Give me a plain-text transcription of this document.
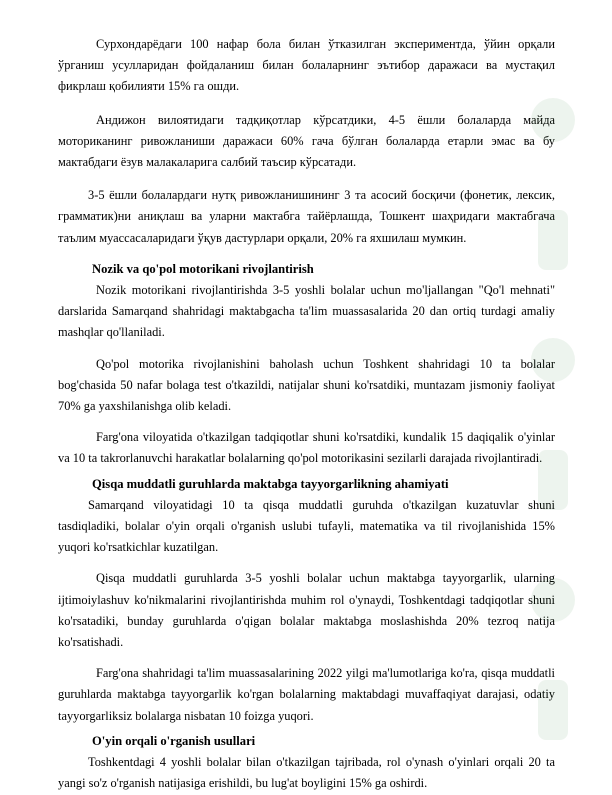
Сурхондарёдаги 100 нафар бола билан ўтказилган экспериментда, ўйин орқали ўрганиш усулларидан фойдаланиш билан болаларнинг эътибор даражаси ва мустақил фикрлаш қобилияти 15% га ошди.

Андижон вилоятидаги тадқиқотлар кўрсатдики, 4-5 ёшли болаларда майда моториканинг ривожланиши даражаси 60% гача бўлган болаларда етарли эмас ва бу мактабдаги ёзув малакаларига салбий таъсир кўрсатади.

3-5 ёшли болалардаги нутқ ривожланишининг 3 та асосий босқичи (фонетик, лексик, грамматик)ни аниқлаш ва уларни мактабга тайёрлашда, Тошкент шаҳридаги мактабгача таълим муассасаларидаги ўқув дастурлари орқали, 20% га яхшилаш мумкин.

Nozik va qo'pol motorikani rivojlantirish

Nozik motorikani rivojlantirishda 3-5 yoshli bolalar uchun mo'ljallangan "Qo'l mehnati" darslarida Samarqand shahridagi maktabgacha ta'lim muassasalarida 20 dan ortiq turdagi amaliy mashqlar qo'llaniladi.

Qo'pol motorika rivojlanishini baholash uchun Toshkent shahridagi 10 ta bolalar bog'chasida 50 nafar bolaga test o'tkazildi, natijalar shuni ko'rsatdiki, muntazam jismoniy faoliyat 70% ga yaxshilanishga olib keladi.

Farg'ona viloyatida o'tkazilgan tadqiqotlar shuni ko'rsatdiki, kundalik 15 daqiqalik o'yinlar va 10 ta takrorlanuvchi harakatlar bolalarning qo'pol motorikasini sezilarli darajada rivojlantiradi.

Qisqa muddatli guruhlarda maktabga tayyorgarlikning ahamiyati

Samarqand viloyatidagi 10 ta qisqa muddatli guruhda o'tkazilgan kuzatuvlar shuni tasdiqladiki, bolalar o'yin orqali o'rganish uslubi tufayli, matematika va til rivojlanishida 15% yuqori ko'rsatkichlar kuzatilgan.

Qisqa muddatli guruhlarda 3-5 yoshli bolalar uchun maktabga tayyorgarlik, ularning ijtimoiylashuv ko'nikmalarini rivojlantirishda muhim rol o'ynaydi, Toshkentdagi tadqiqotlar shuni ko'rsatadiki, bunday guruhlarda o'qigan bolalar maktabga moslashishda 20% tezroq natija ko'rsatishadi.

Farg'ona shahridagi ta'lim muassasalarining 2022 yilgi ma'lumotlariga ko'ra, qisqa muddatli guruhlarda maktabga tayyorgarlik ko'rgan bolalarning maktabdagi muvaffaqiyat darajasi, odatiy tayyorgarliksiz bolalarga nisbatan 10 foizga yuqori.

O'yin orqali o'rganish usullari

Toshkentdagi 4 yoshli bolalar bilan o'tkazilgan tajribada, rol o'ynash o'yinlari orqali 20 ta yangi so'z o'rganish natijasiga erishildi, bu lug'at boyligini 15% ga oshirdi.
